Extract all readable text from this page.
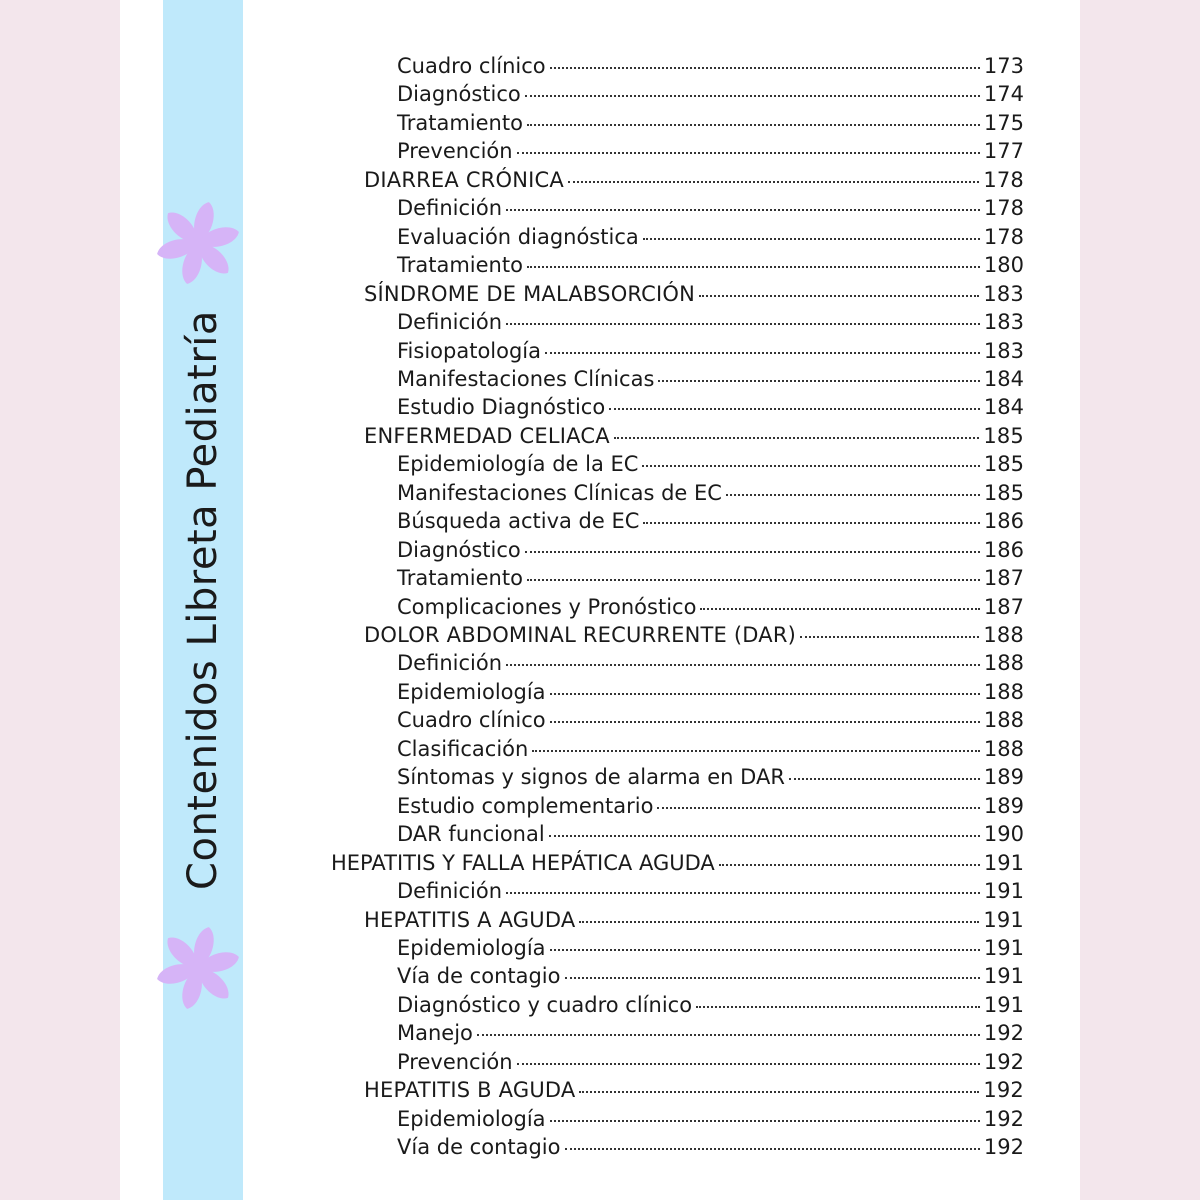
Contenidos Libreta Pediatría
Cuadro clínico	173
Diagnóstico	174
Tratamiento	175
Prevención	177
DIARREA CRÓNICA	178
Definición	178
Evaluación diagnóstica	178
Tratamiento	180
SÍNDROME DE MALABSORCIÓN	183
Definición	183
Fisiopatología	183
Manifestaciones Clínicas	184
Estudio Diagnóstico	184
ENFERMEDAD CELIACA	185
Epidemiología de la EC	185
Manifestaciones Clínicas de EC	185
Búsqueda activa de EC	186
Diagnóstico	186
Tratamiento	187
Complicaciones y Pronóstico	187
DOLOR ABDOMINAL RECURRENTE (DAR)	188
Definición	188
Epidemiología	188
Cuadro clínico	188
Clasificación	188
Síntomas y signos de alarma en DAR	189
Estudio complementario	189
DAR funcional	190
HEPATITIS Y FALLA HEPÁTICA AGUDA	191
Definición	191
HEPATITIS A AGUDA	191
Epidemiología	191
Vía de contagio	191
Diagnóstico y cuadro clínico	191
Manejo	192
Prevención	192
HEPATITIS B AGUDA	192
Epidemiología	192
Vía de contagio	192
